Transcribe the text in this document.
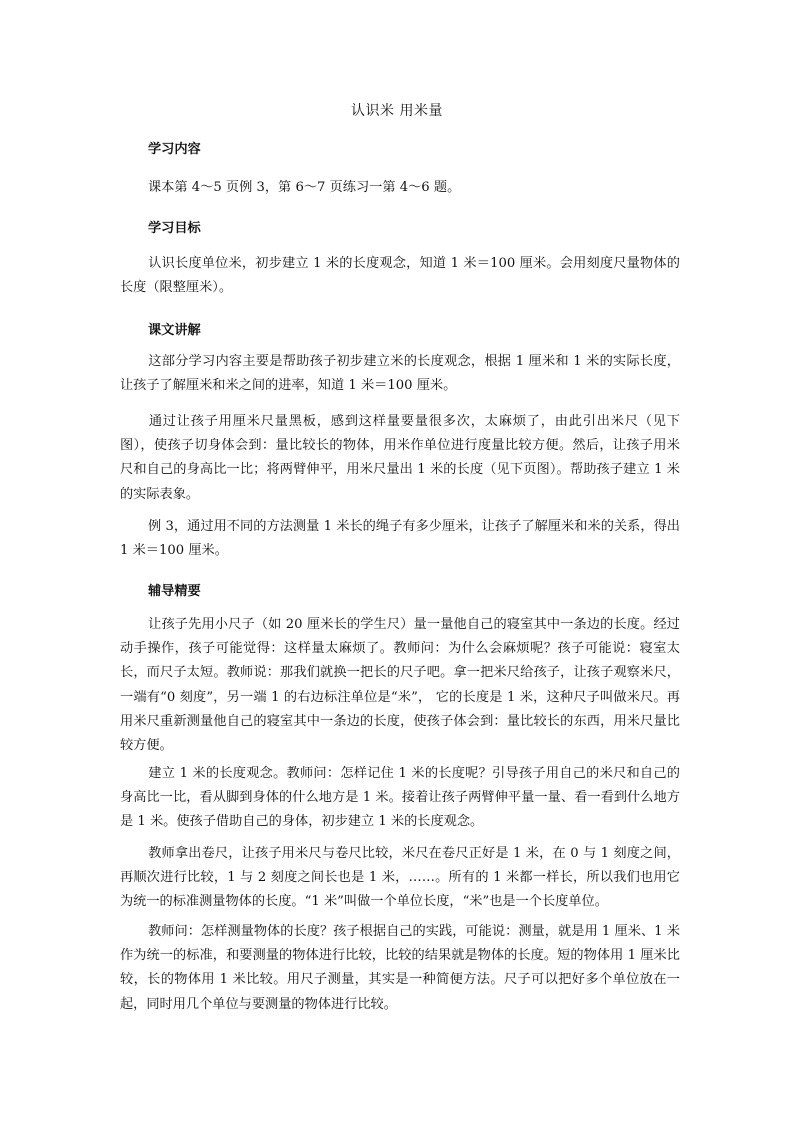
认识米 用米量
学习内容
课本第 4～5 页例 3，第 6～7 页练习一第 4～6 题。
学习目标
认识长度单位米，初步建立 1 米的长度观念，知道 1 米＝100 厘米。会用刻度尺量物体的长度（限整厘米）。
课文讲解
这部分学习内容主要是帮助孩子初步建立米的长度观念，根据 1 厘米和 1 米的实际长度，让孩子了解厘米和米之间的进率，知道 1 米＝100 厘米。
通过让孩子用厘米尺量黑板，感到这样量要量很多次，太麻烦了，由此引出米尺（见下图），使孩子切身体会到：量比较长的物体，用米作单位进行度量比较方便。然后，让孩子用米尺和自己的身高比一比；将两臂伸平，用米尺量出 1 米的长度（见下页图）。帮助孩子建立 1 米的实际表象。
例 3，通过用不同的方法测量 1 米长的绳子有多少厘米，让孩子了解厘米和米的关系，得出 1 米＝100 厘米。
辅导精要
让孩子先用小尺子（如 20 厘米长的学生尺）量一量他自己的寝室其中一条边的长度。经过动手操作，孩子可能觉得：这样量太麻烦了。教师问：为什么会麻烦呢？孩子可能说：寝室太长，而尺子太短。教师说：那我们就换一把长的尺子吧。拿一把米尺给孩子，让孩子观察米尺，一端有“0 刻度”，另一端 1 的右边标注单位是“米”， 它的长度是 1 米，这种尺子叫做米尺。再用米尺重新测量他自己的寝室其中一条边的长度，使孩子体会到：量比较长的东西，用米尺量比较方便。
建立 1 米的长度观念。教师问：怎样记住 1 米的长度呢？引导孩子用自己的米尺和自己的身高比一比，看从脚到身体的什么地方是 1 米。接着让孩子两臂伸平量一量、看一看到什么地方是 1 米。使孩子借助自己的身体，初步建立 1 米的长度观念。
教师拿出卷尺，让孩子用米尺与卷尺比较，米尺在卷尺正好是 1 米，在 0 与 1 刻度之间，再顺次进行比较，1 与 2 刻度之间长也是 1 米，……。所有的 1 米都一样长，所以我们也用它为统一的标准测量物体的长度。“1 米”叫做一个单位长度，“米”也是一个长度单位。
教师问：怎样测量物体的长度？孩子根据自己的实践，可能说：测量，就是用 1 厘米、1 米作为统一的标准，和要测量的物体进行比较，比较的结果就是物体的长度。短的物体用 1 厘米比较，长的物体用 1 米比较。用尺子测量，其实是一种简便方法。尺子可以把好多个单位放在一起，同时用几个单位与要测量的物体进行比较。
